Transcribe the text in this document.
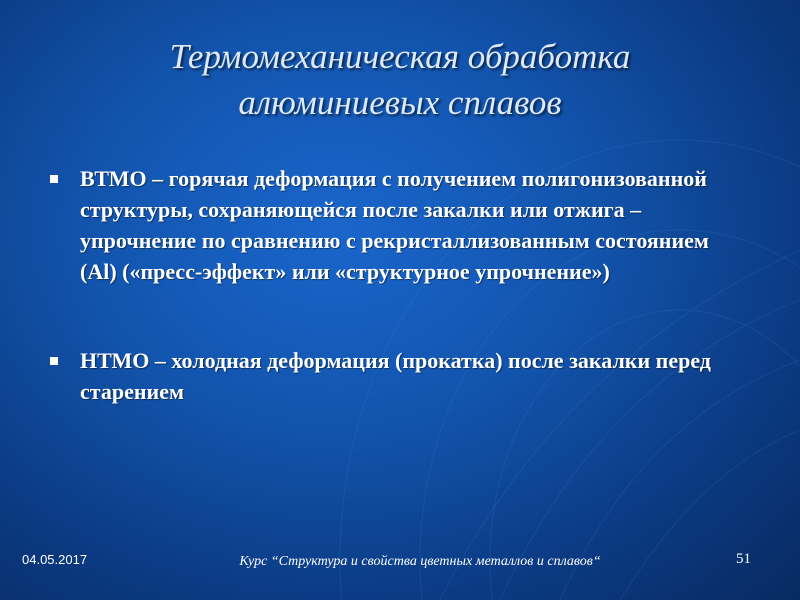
Термомеханическая обработка
алюминиевых сплавов
ВТМО – горячая деформация с получением полигонизованной структуры, сохраняющейся после закалки или отжига – упрочнение по сравнению с рекристаллизованным состоянием (Al) («пресс-эффект» или «структурное упрочнение»)
НТМО – холодная деформация (прокатка) после закалки перед старением
04.05.2017	Курс “Структура и свойства цветных металлов и сплавов“	51
